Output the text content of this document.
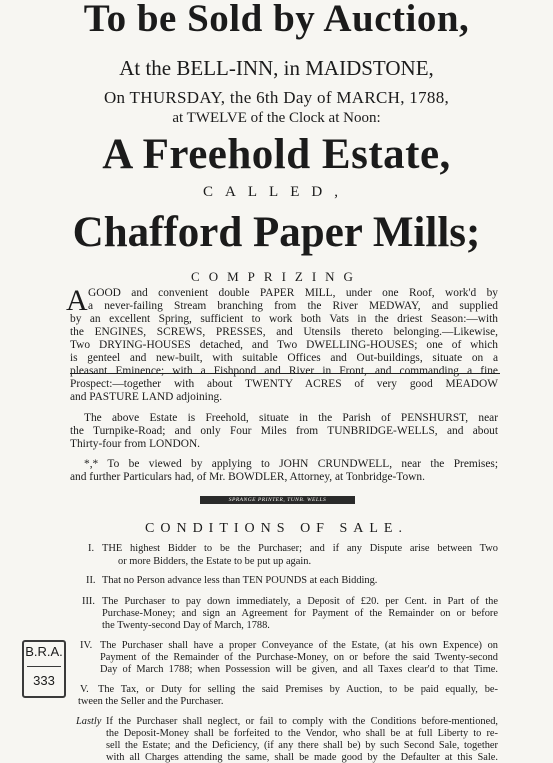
To be Sold by Auction,
At the BELL-INN, in MAIDSTONE,
On THURSDAY, the 6th Day of MARCH, 1788,
at TWELVE of the Clock at Noon:
A Freehold Estate,
CALLED,
Chafford Paper Mills;
COMPRIZING
A GOOD and convenient double PAPER MILL, under one Roof, work'd by
a never-failing Stream branching from the River MEDWAY, and supplied
by an excellent Spring, sufficient to work both Vats in the driest Season:—with
the ENGINES, SCREWS, PRESSES, and Utensils thereto belonging.—Likewise,
Two DRYING-HOUSES detached, and Two DWELLING-HOUSES; one of which
is genteel and new-built, with suitable Offices and Out-buildings, situate on a
pleasant Eminence; with a Fishpond and River in Front, and commanding a fine
Prospect:—together with about TWENTY ACRES of very good MEADOW
and PASTURE LAND adjoining.
The above Estate is Freehold, situate in the Parish of PENSHURST, near
the Turnpike-Road; and only Four Miles from TUNBRIDGE-WELLS, and about
Thirty-four from LONDON.
*,* To be viewed by applying to JOHN CRUNDWELL, near the Premises;
and further Particulars had, of Mr. BOWDLER, Attorney, at Tonbridge-Town.
SPRANGE PRINTER, TUNB. WELLS
CONDITIONS OF SALE.
I. THE highest Bidder to be the Purchaser; and if any Dispute arise between Two
or more Bidders, the Estate to be put up again.
II. That no Person advance less than TEN POUNDS at each Bidding.
III. The Purchaser to pay down immediately, a Deposit of £20. per Cent. in Part of the
Purchase-Money; and sign an Agreement for Payment of the Remainder on or before
the Twenty-second Day of March, 1788.
IV. The Purchaser shall have a proper Conveyance of the Estate, (at his own Expence) on
Payment of the Remainder of the Purchase-Money, on or before the said Twenty-second
Day of March 1788; when Possession will be given, and all Taxes clear'd to that Time.
V. The Tax, or Duty for selling the said Premises by Auction, to be paid equally, be-
tween the Seller and the Purchaser.
Lastly If the Purchaser shall neglect, or fail to comply with the Conditions before-mentioned,
the Deposit-Money shall be forfeited to the Vendor, who shall be at full Liberty to re-
sell the Estate; and the Deficiency, (if any there shall be) by such Second Sale, together
with all Charges attending the same, shall be made good by the Defaulter at this Sale.
B.R.A.
333
